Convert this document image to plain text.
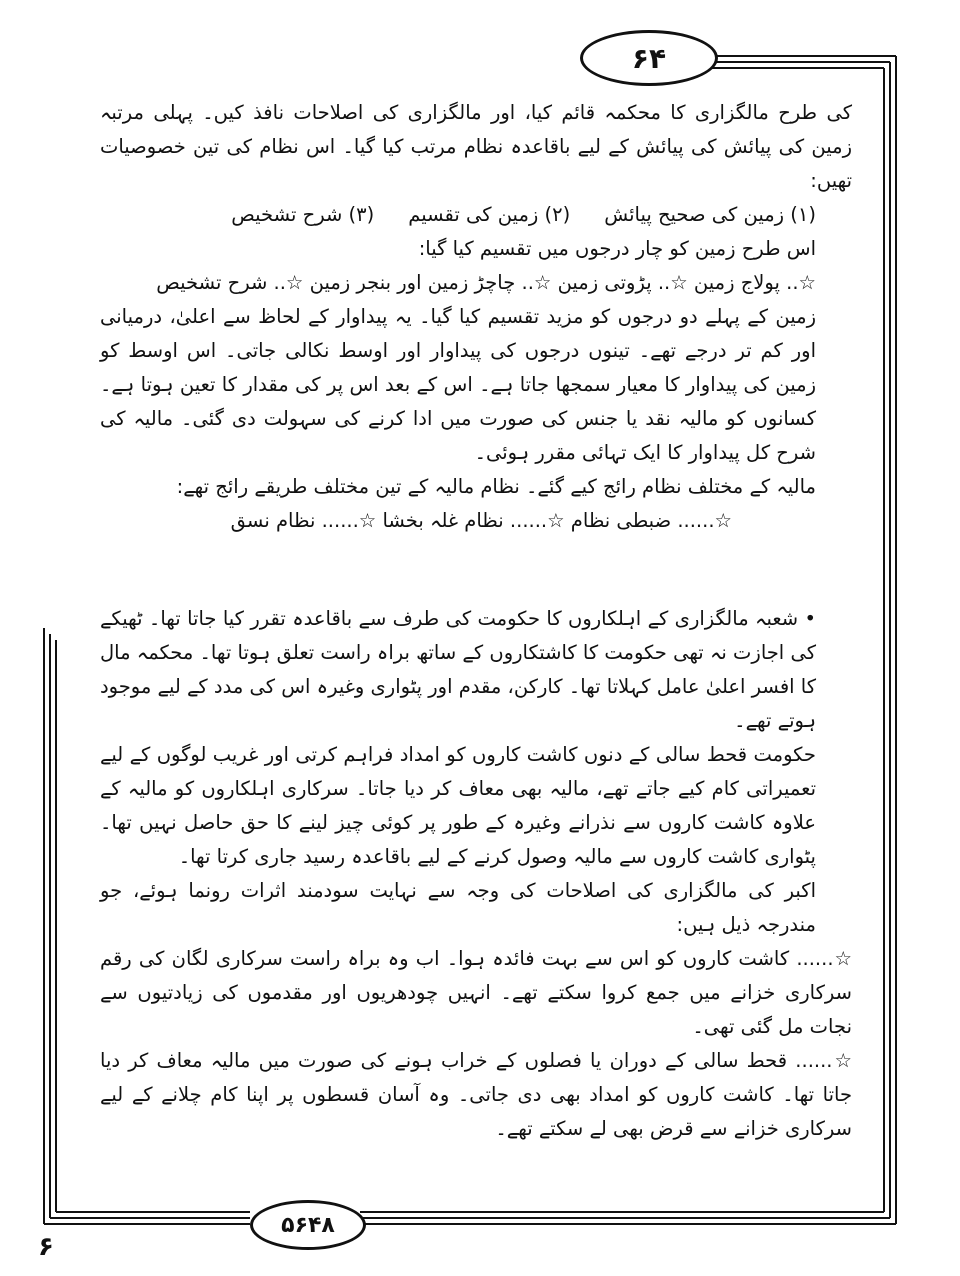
۶۴

کی طرح مالگزاری کا محکمہ قائم کیا، اور مالگزاری کی اصلاحات نافذ کیں۔ پہلی مرتبہ زمین کی پیائش کی پیائش کے لیے باقاعدہ نظام مرتب کیا گیا۔ اس نظام کی تین خصوصیات تھیں:

(۱) زمین کی صحیح پیائش
(۲) زمین کی تقسیم
(۳) شرح تشخیص

اس طرح زمین کو چار درجوں میں تقسیم کیا گیا:

☆.. پولاج زمین ☆.. پڑوتی زمین ☆.. چاچڑ زمین اور بنجر زمین ☆.. شرح تشخیص

زمین کے پہلے دو درجوں کو مزید تقسیم کیا گیا۔ یہ پیداوار کے لحاظ سے اعلیٰ، درمیانی اور کم تر درجے تھے۔ تینوں درجوں کی پیداوار اور اوسط نکالی جاتی۔ اس اوسط کو زمین کی پیداوار کا معیار سمجھا جاتا ہے۔ اس کے بعد اس پر کی مقدار کا تعین ہوتا ہے۔ کسانوں کو مالیہ نقد یا جنس کی صورت میں ادا کرنے کی سہولت دی گئی۔ مالیہ کی شرح کل پیداوار کا ایک تہائی مقرر ہوئی۔

مالیہ کے مختلف نظام رائج کیے گئے۔ نظام مالیہ کے تین مختلف طریقے رائج تھے:

☆...... ضبطی نظام ☆...... نظام غلہ بخشا ☆...... نظام نسق

• شعبہ مالگزاری کے اہلکاروں کا حکومت کی طرف سے باقاعدہ تقرر کیا جاتا تھا۔ ٹھیکے کی اجازت نہ تھی حکومت کا کاشتکاروں کے ساتھ براہ راست تعلق ہوتا تھا۔ محکمہ مال کا افسر اعلیٰ عامل کہلاتا تھا۔ کارکن، مقدم اور پٹواری وغیرہ اس کی مدد کے لیے موجود ہوتے تھے۔

حکومت قحط سالی کے دنوں کاشت کاروں کو امداد فراہم کرتی اور غریب لوگوں کے لیے تعمیراتی کام کیے جاتے تھے، مالیہ بھی معاف کر دیا جاتا۔ سرکاری اہلکاروں کو مالیہ کے علاوہ کاشت کاروں سے نذرانے وغیرہ کے طور پر کوئی چیز لینے کا حق حاصل نہیں تھا۔ پٹواری کاشت کاروں سے مالیہ وصول کرنے کے لیے باقاعدہ رسید جاری کرتا تھا۔

اکبر کی مالگزاری کی اصلاحات کی وجہ سے نہایت سودمند اثرات رونما ہوئے، جو مندرجہ ذیل ہیں:

☆...... کاشت کاروں کو اس سے بہت فائدہ ہوا۔ اب وہ براہ راست سرکاری لگان کی رقم سرکاری خزانے میں جمع کروا سکتے تھے۔ انہیں چودھریوں اور مقدموں کی زیادتیوں سے نجات مل گئی تھی۔

☆...... قحط سالی کے دوران یا فصلوں کے خراب ہونے کی صورت میں مالیہ معاف کر دیا جاتا تھا۔ کاشت کاروں کو امداد بھی دی جاتی۔ وہ آسان قسطوں پر اپنا کام چلانے کے لیے سرکاری خزانے سے قرض بھی لے سکتے تھے۔

۵۶۴۸
۶
